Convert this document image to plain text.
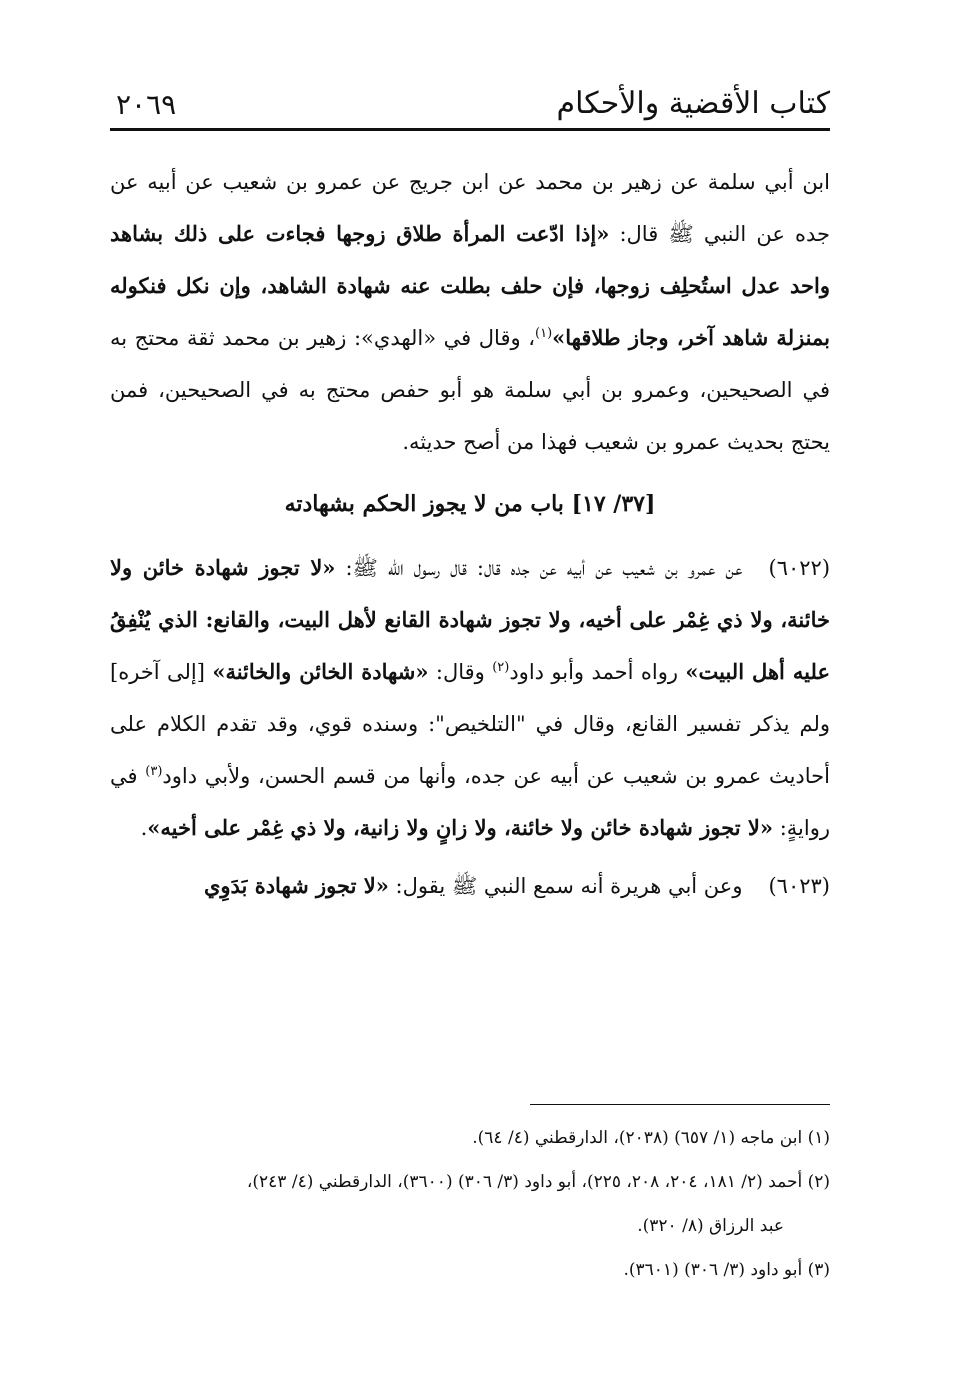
كتاب الأقضية والأحكام
٢٠٦٩

ابن أبي سلمة عن زهير بن محمد عن ابن جريج عن عمرو بن شعيب عن أبيه عن جده عن النبي ﷺ قال: «إذا ادّعت المرأة طلاق زوجها فجاءت على ذلك بشاهد واحد عدل استُحلِف زوجها، فإن حلف بطلت عنه شهادة الشاهد، وإن نكل فنكوله بمنزلة شاهد آخر، وجاز طلاقها»$^{(١)}$، وقال في «الهدي»: زهير بن محمد ثقة محتج به في الصحيحين، وعمرو بن أبي سلمة هو أبو حفص محتج به في الصحيحين، فمن يحتج بحديث عمرو بن شعيب فهذا من أصح حديثه.

[٣٧/ ١٧] باب من لا يجوز الحكم بشهادته

(٦٠٢٢)عن عمرو بن شعيب عن أبيه عن جده قال: قال رسول الله ﷺ: «لا تجوز شهادة خائن ولا خائنة، ولا ذي غِمْر على أخيه، ولا تجوز شهادة القانع لأهل البيت، والقانع: الذي يُنْفِقُ عليه أهل البيت» رواه أحمد وأبو داود$^{(٢)}$ وقال: «شهادة الخائن والخائنة» [إلى آخره] ولم يذكر تفسير القانع، وقال في "التلخيص": وسنده قوي، وقد تقدم الكلام على أحاديث عمرو بن شعيب عن أبيه عن جده، وأنها من قسم الحسن، ولأبي داود$^{(٣)}$ في روايةٍ: «لا تجوز شهادة خائن ولا خائنة، ولا زانٍ ولا زانية، ولا ذي غِمْر على أخيه».

(٦٠٢٣)وعن أبي هريرة أنه سمع النبي ﷺ يقول: «لا تجوز شهادة بَدَوِي

(١) ابن ماجه (١/ ٦٥٧) (٢٠٣٨)، الدارقطني (٤/ ٦٤).

(٢) أحمد (٢/ ١٨١، ٢٠٤، ٢٠٨، ٢٢٥)، أبو داود (٣/ ٣٠٦) (٣٦٠٠)، الدارقطني (٤/ ٢٤٣)،

عبد الرزاق (٨/ ٣٢٠).

(٣) أبو داود (٣/ ٣٠٦) (٣٦٠١).
